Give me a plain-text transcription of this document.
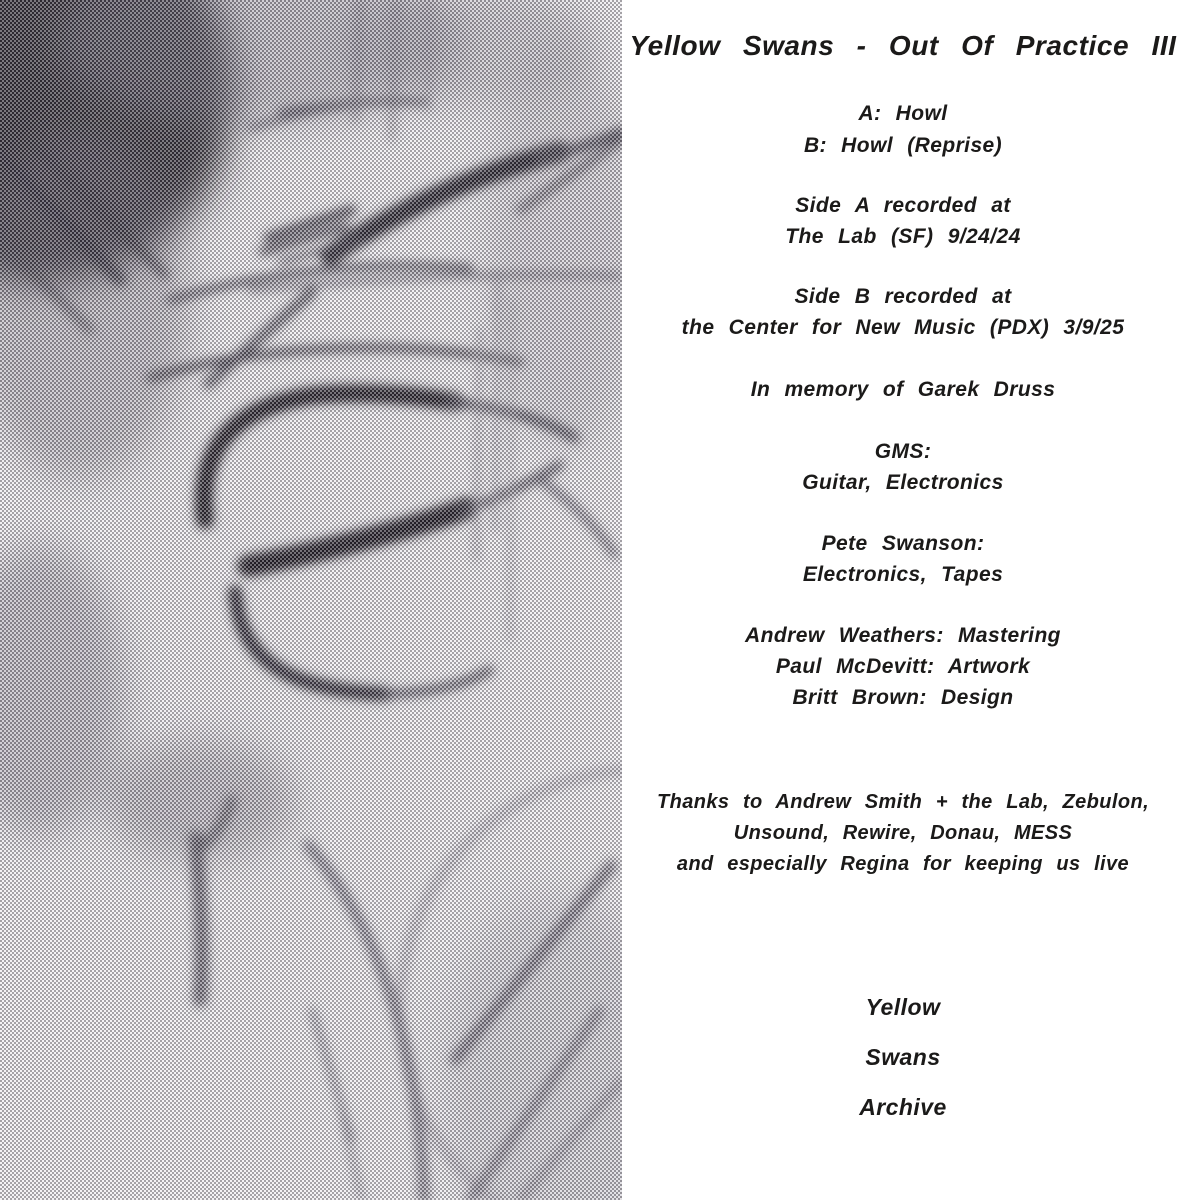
Yellow Swans - Out Of Practice III
A: Howl
B: Howl (Reprise)
Side A recorded at
The Lab (SF) 9/24/24
Side B recorded at
the Center for New Music (PDX) 3/9/25
In memory of Garek Druss
GMS:
Guitar, Electronics
Pete Swanson:
Electronics, Tapes
Andrew Weathers: Mastering
Paul McDevitt: Artwork
Britt Brown: Design
Thanks to Andrew Smith + the Lab, Zebulon,
Unsound, Rewire, Donau, MESS
and especially Regina for keeping us live
Yellow
Swans
Archive
